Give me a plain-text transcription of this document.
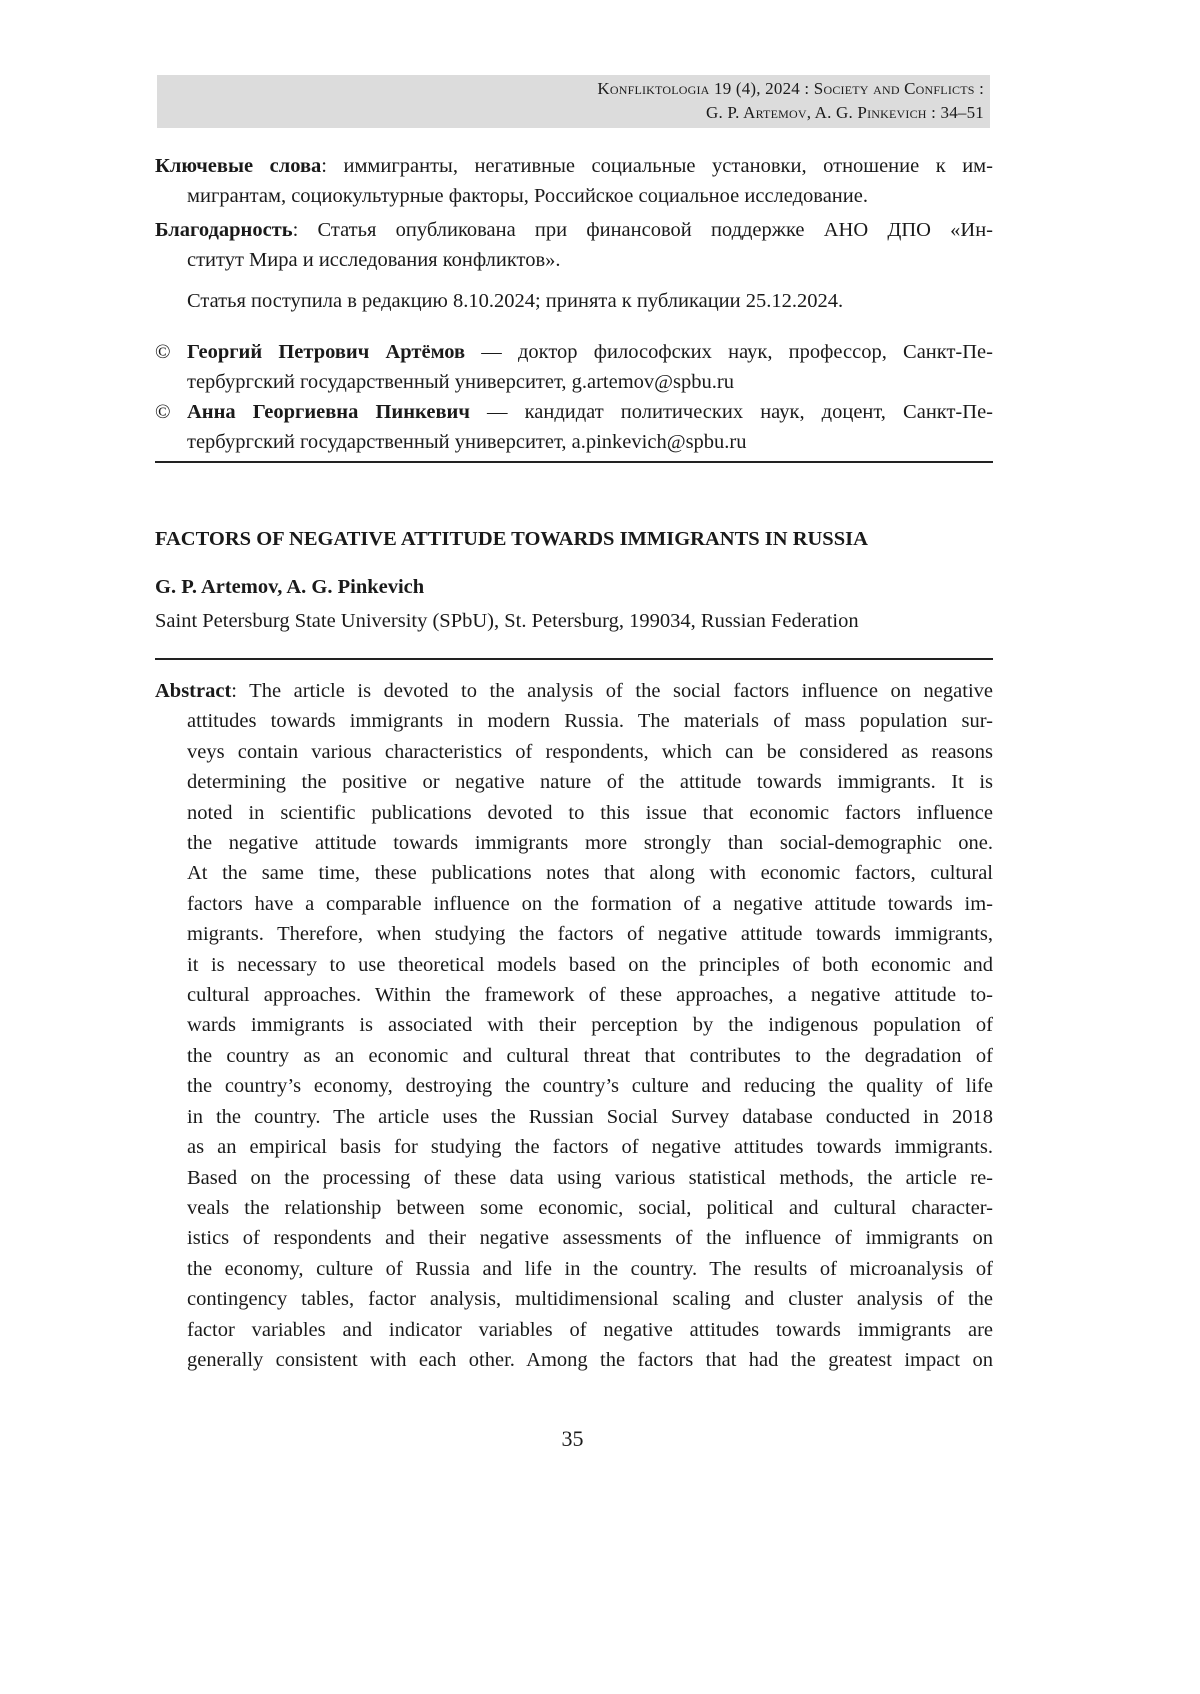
Konfliktologia 19 (4), 2024 : Society and Conflicts :
G. P. Artemov, A. G. Pinkevich : 34–51
Ключевые слова: иммигранты, негативные социальные установки, отношение к им-
мигрантам, социокультурные факторы, Российское социальное исследование.
Благодарность: Статья опубликована при финансовой поддержке АНО ДПО «Ин-
ститут Мира и исследования конфликтов».
Статья поступила в редакцию 8.10.2024; принята к публикации 25.12.2024.
© Георгий Петрович Артёмов — доктор философских наук, профессор, Санкт-Пе-
тербургский государственный университет, g.artemov@spbu.ru
© Анна Георгиевна Пинкевич — кандидат политических наук, доцент, Санкт-Пе-
тербургский государственный университет, a.pinkevich@spbu.ru
FACTORS OF NEGATIVE ATTITUDE TOWARDS IMMIGRANTS IN RUSSIA
G. P. Artemov, A. G. Pinkevich
Saint Petersburg State University (SPbU), St. Petersburg, 199034, Russian Federation
Abstract: The article is devoted to the analysis of the social factors influence on negative
attitudes towards immigrants in modern Russia. The materials of mass population sur-
veys contain various characteristics of respondents, which can be considered as reasons
determining the positive or negative nature of the attitude towards immigrants. It is
noted in scientific publications devoted to this issue that economic factors influence
the negative attitude towards immigrants more strongly than social-demographic one.
At the same time, these publications notes that along with economic factors, cultural
factors have a comparable influence on the formation of a negative attitude towards im-
migrants. Therefore, when studying the factors of negative attitude towards immigrants,
it is necessary to use theoretical models based on the principles of both economic and
cultural approaches. Within the framework of these approaches, a negative attitude to-
wards immigrants is associated with their perception by the indigenous population of
the country as an economic and cultural threat that contributes to the degradation of
the country’s economy, destroying the country’s culture and reducing the quality of life
in the country. The article uses the Russian Social Survey database conducted in 2018
as an empirical basis for studying the factors of negative attitudes towards immigrants.
Based on the processing of these data using various statistical methods, the article re-
veals the relationship between some economic, social, political and cultural character-
istics of respondents and their negative assessments of the influence of immigrants on
the economy, culture of Russia and life in the country. The results of microanalysis of
contingency tables, factor analysis, multidimensional scaling and cluster analysis of the
factor variables and indicator variables of negative attitudes towards immigrants are
generally consistent with each other. Among the factors that had the greatest impact on
35
